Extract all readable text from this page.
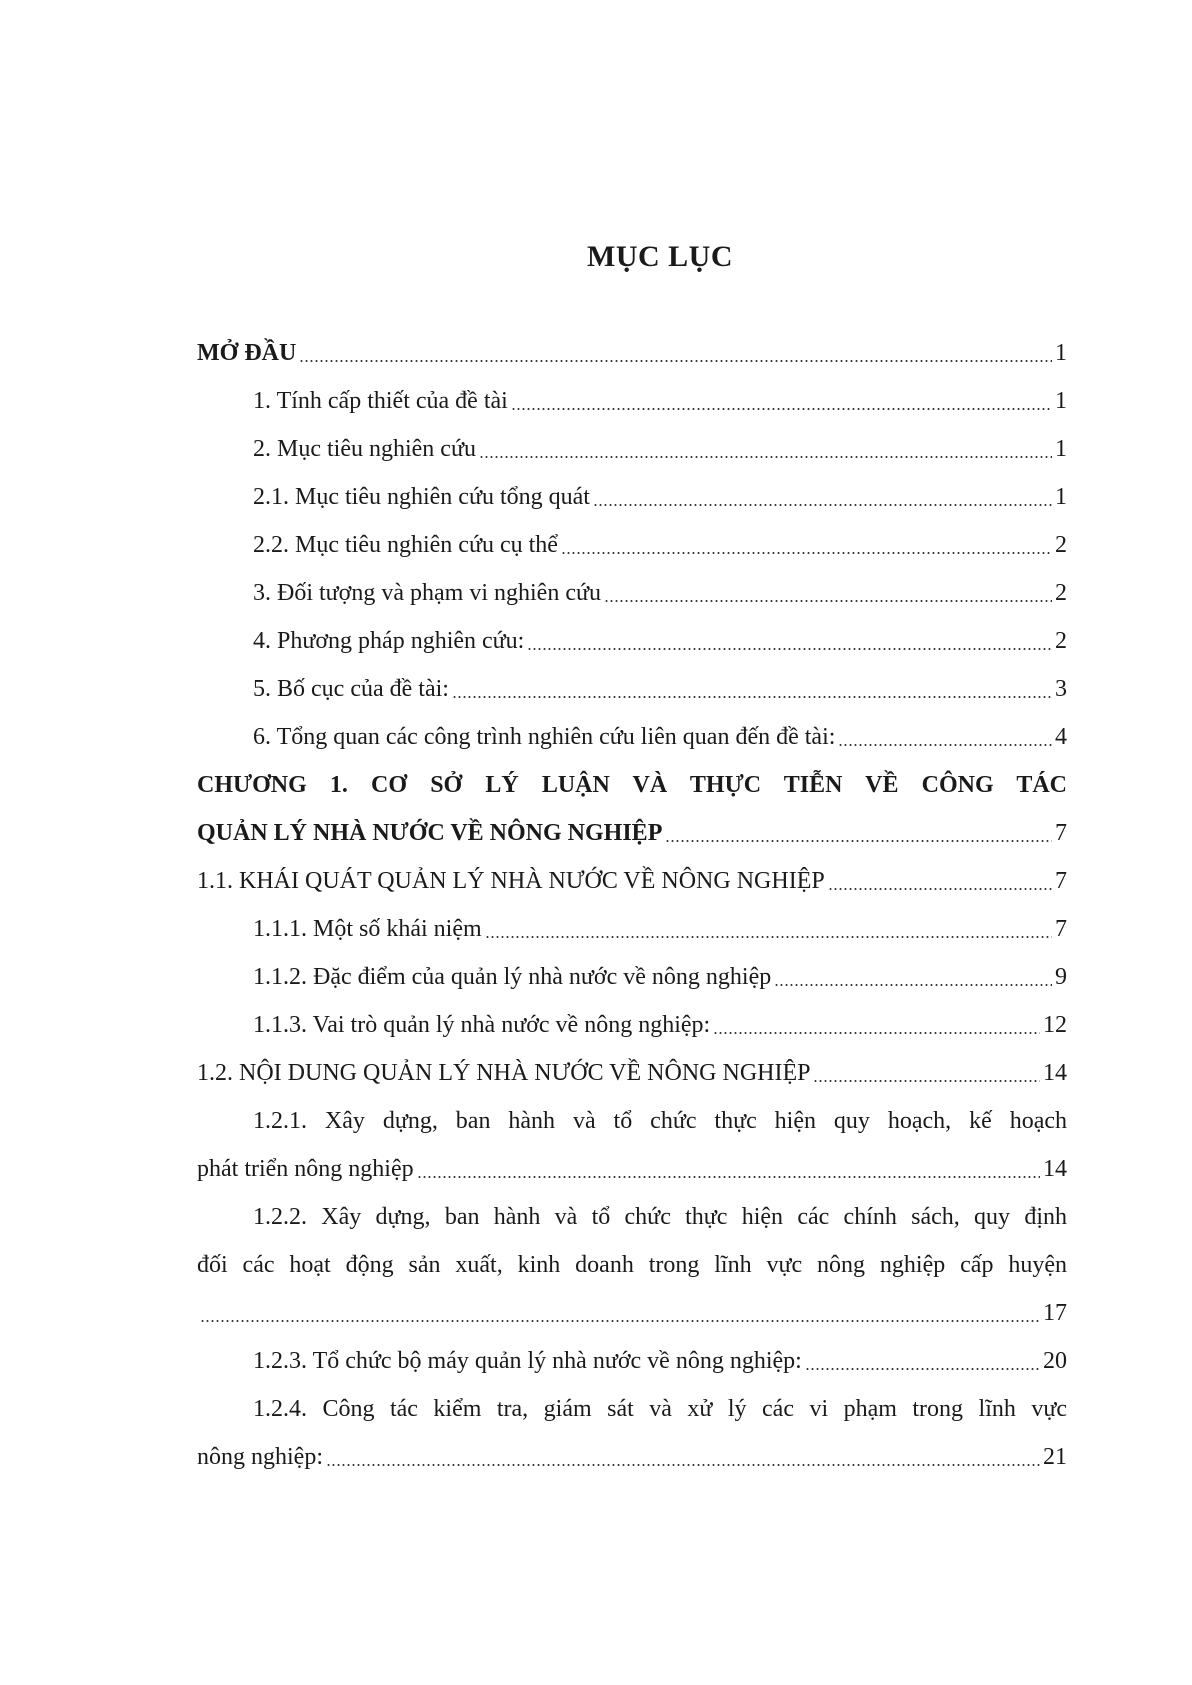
MỤC LỤC
MỞ ĐẦU	1
1. Tính cấp thiết của đề tài	1
2. Mục tiêu nghiên cứu	1
2.1. Mục tiêu nghiên cứu tổng quát	1
2.2. Mục tiêu nghiên cứu cụ thể	2
3. Đối tượng và phạm vi nghiên cứu	2
4. Phương pháp nghiên cứu:	2
5. Bố cục của đề tài:	3
6. Tổng quan các công trình nghiên cứu liên quan đến đề tài:	4
CHƯƠNG 1. CƠ SỞ LÝ LUẬN VÀ THỰC TIỄN VỀ CÔNG TÁC
QUẢN LÝ NHÀ NƯỚC VỀ NÔNG NGHIỆP	7
1.1. KHÁI QUÁT QUẢN LÝ NHÀ NƯỚC VỀ NÔNG NGHIỆP	7
1.1.1. Một số khái niệm	7
1.1.2. Đặc điểm của quản lý nhà nước về nông nghiệp	9
1.1.3. Vai trò quản lý nhà nước về nông nghiệp:	12
1.2. NỘI DUNG QUẢN LÝ NHÀ NƯỚC VỀ NÔNG NGHIỆP	14
1.2.1. Xây dựng, ban hành và tổ chức thực hiện quy hoạch, kế hoạch
phát triển nông nghiệp	14
1.2.2. Xây dựng, ban hành và tổ chức thực hiện các chính sách, quy định
đối các hoạt động sản xuất, kinh doanh trong lĩnh vực nông nghiệp cấp huyện
17
1.2.3. Tổ chức bộ máy quản lý nhà nước về nông nghiệp:	20
1.2.4. Công tác kiểm tra, giám sát và xử lý các vi phạm trong lĩnh vực
nông nghiệp:	21
